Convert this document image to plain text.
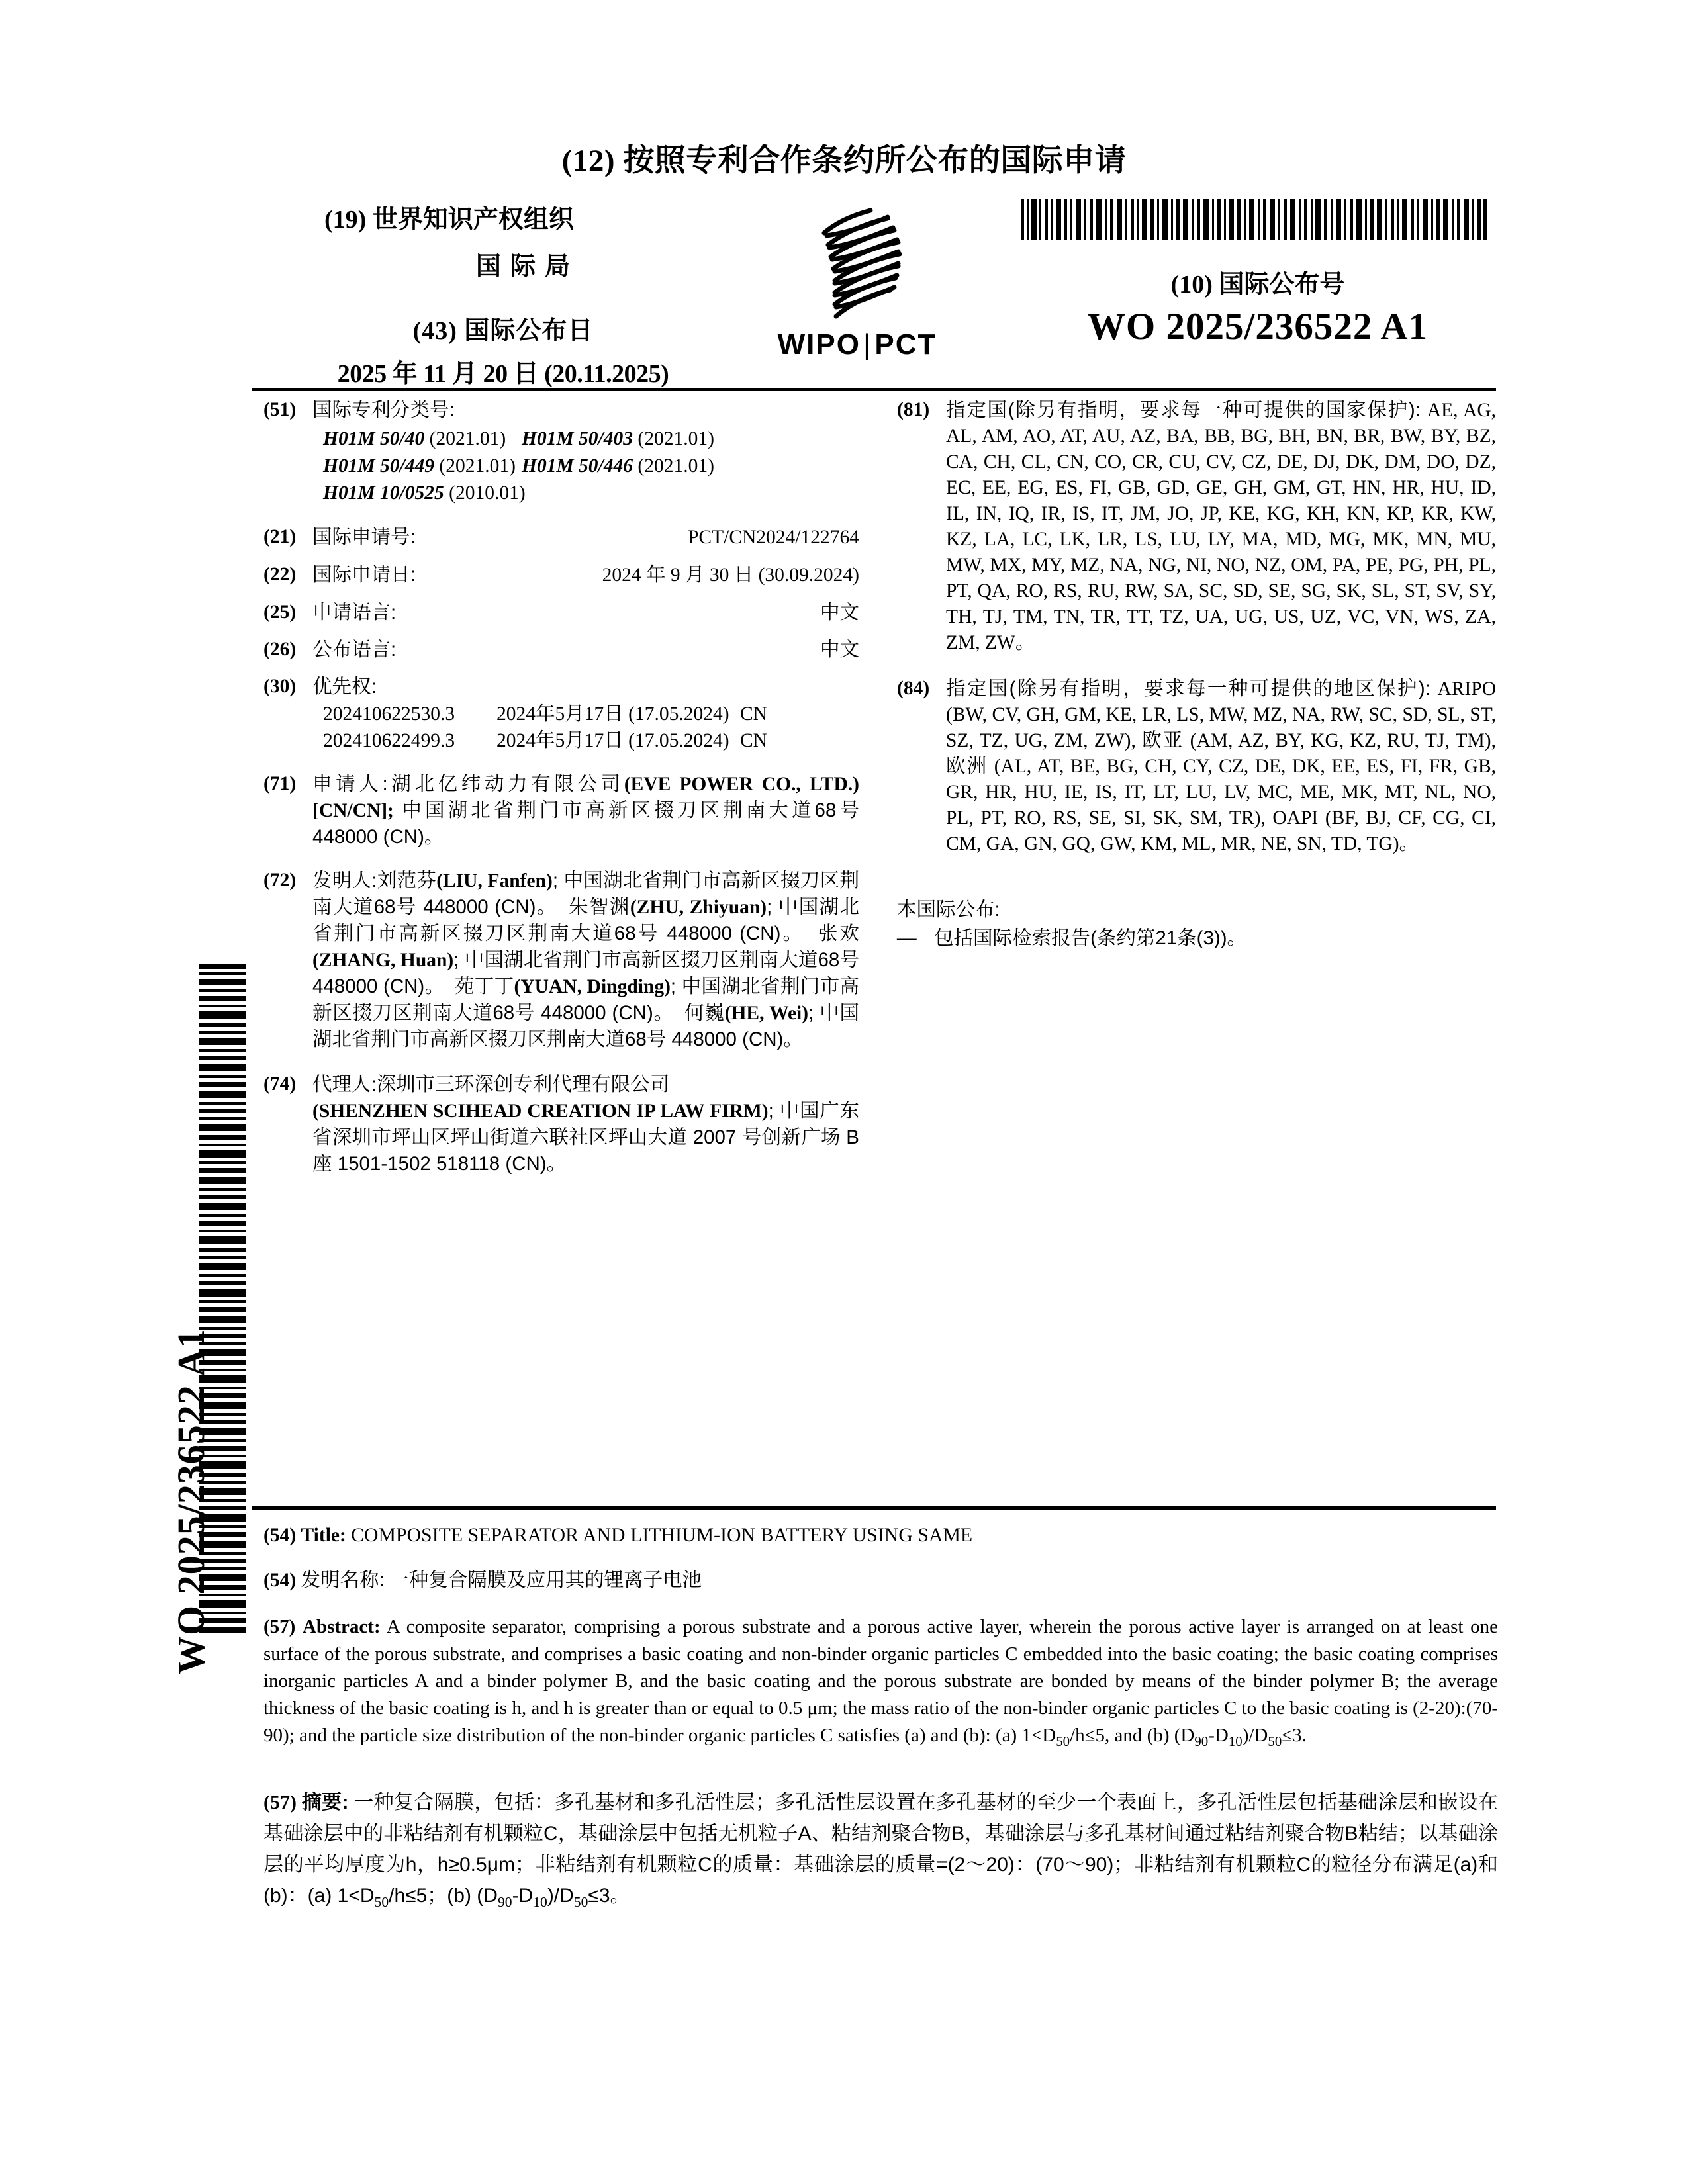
(12) 按照专利合作条约所公布的国际申请
(19) 世界知识产权组织
国际局
(43) 国际公布日
2025 年 11 月 20 日 (20.11.2025)
WIPO|PCT
(10) 国际公布号
WO 2025/236522 A1
(51) 国际专利分类号:
H01M 50/40 (2021.01) H01M 50/403 (2021.01)
H01M 50/449 (2021.01) H01M 50/446 (2021.01)
H01M 10/0525 (2010.01)
(21) 国际申请号:	PCT/CN2024/122764
(22) 国际申请日:	2024 年 9 月 30 日 (30.09.2024)
(25) 申请语言:	中文
(26) 公布语言:	中文
(30) 优先权:
202410622530.3	2024年5月17日 (17.05.2024) CN
202410622499.3	2024年5月17日 (17.05.2024) CN
(71) 申请人:湖北亿纬动力有限公司(EVE POWER CO., LTD.) [CN/CN]; 中国湖北省荆门市高新区掇刀区荆南大道68号 448000 (CN)。
(72) 发明人:刘范芬(LIU, Fanfen); 中国湖北省荆门市高新区掇刀区荆南大道68号 448000 (CN)。 朱智渊(ZHU, Zhiyuan); 中国湖北省荆门市高新区掇刀区荆南大道68号 448000 (CN)。 张欢(ZHANG, Huan); 中国湖北省荆门市高新区掇刀区荆南大道68号 448000 (CN)。 苑丁丁(YUAN, Dingding); 中国湖北省荆门市高新区掇刀区荆南大道68号 448000 (CN)。 何巍(HE, Wei); 中国湖北省荆门市高新区掇刀区荆南大道68号 448000 (CN)。
(74) 代理人:深圳市三环深创专利代理有限公司
(SHENZHEN SCIHEAD CREATION IP LAW FIRM); 中国广东省深圳市坪山区坪山街道六联社区坪山大道 2007 号创新广场 B 座 1501-1502 518118 (CN)。
(81) 指定国(除另有指明，要求每一种可提供的国家保护): AE, AG, AL, AM, AO, AT, AU, AZ, BA, BB, BG, BH, BN, BR, BW, BY, BZ, CA, CH, CL, CN, CO, CR, CU, CV, CZ, DE, DJ, DK, DM, DO, DZ, EC, EE, EG, ES, FI, GB, GD, GE, GH, GM, GT, HN, HR, HU, ID, IL, IN, IQ, IR, IS, IT, JM, JO, JP, KE, KG, KH, KN, KP, KR, KW, KZ, LA, LC, LK, LR, LS, LU, LY, MA, MD, MG, MK, MN, MU, MW, MX, MY, MZ, NA, NG, NI, NO, NZ, OM, PA, PE, PG, PH, PL, PT, QA, RO, RS, RU, RW, SA, SC, SD, SE, SG, SK, SL, ST, SV, SY, TH, TJ, TM, TN, TR, TT, TZ, UA, UG, US, UZ, VC, VN, WS, ZA, ZM, ZW。
(84) 指定国(除另有指明，要求每一种可提供的地区保护): ARIPO (BW, CV, GH, GM, KE, LR, LS, MW, MZ, NA, RW, SC, SD, SL, ST, SZ, TZ, UG, ZM, ZW), 欧亚 (AM, AZ, BY, KG, KZ, RU, TJ, TM), 欧洲 (AL, AT, BE, BG, CH, CY, CZ, DE, DK, EE, ES, FI, FR, GB, GR, HR, HU, IE, IS, IT, LT, LU, LV, MC, ME, MK, MT, NL, NO, PL, PT, RO, RS, SE, SI, SK, SM, TR), OAPI (BF, BJ, CF, CG, CI, CM, GA, GN, GQ, GW, KM, ML, MR, NE, SN, TD, TG)。
本国际公布:
— 包括国际检索报告(条约第21条(3))。
(54) Title: COMPOSITE SEPARATOR AND LITHIUM-ION BATTERY USING SAME
(54) 发明名称: 一种复合隔膜及应用其的锂离子电池
(57) Abstract: A composite separator, comprising a porous substrate and a porous active layer, wherein the porous active layer is arranged on at least one surface of the porous substrate, and comprises a basic coating and non-binder organic particles C embedded into the basic coating; the basic coating comprises inorganic particles A and a binder polymer B, and the basic coating and the porous substrate are bonded by means of the binder polymer B; the average thickness of the basic coating is h, and h is greater than or equal to 0.5 μm; the mass ratio of the non-binder organic particles C to the basic coating is (2-20):(70-90); and the particle size distribution of the non-binder organic particles C satisfies (a) and (b): (a) $1<D_{50}/h\le 5$, and (b) $(D_{90}-D_{10})/D_{50}\le 3$.
(57) 摘要: 一种复合隔膜，包括：多孔基材和多孔活性层；多孔活性层设置在多孔基材的至少一个表面上，多孔活性层包括基础涂层和嵌设在基础涂层中的非粘结剂有机颗粒C，基础涂层中包括无机粒子A、粘结剂聚合物B，基础涂层与多孔基材间通过粘结剂聚合物B粘结；以基础涂层的平均厚度为h，h≥0.5μm；非粘结剂有机颗粒C的质量：基础涂层的质量=(2～20)：(70～90)；非粘结剂有机颗粒C的粒径分布满足(a)和(b)：(a) $1<D_{50}/h\le 5$；(b) $(D_{90}-D_{10})/D_{50}\le 3$。
WO 2025/236522 A1
